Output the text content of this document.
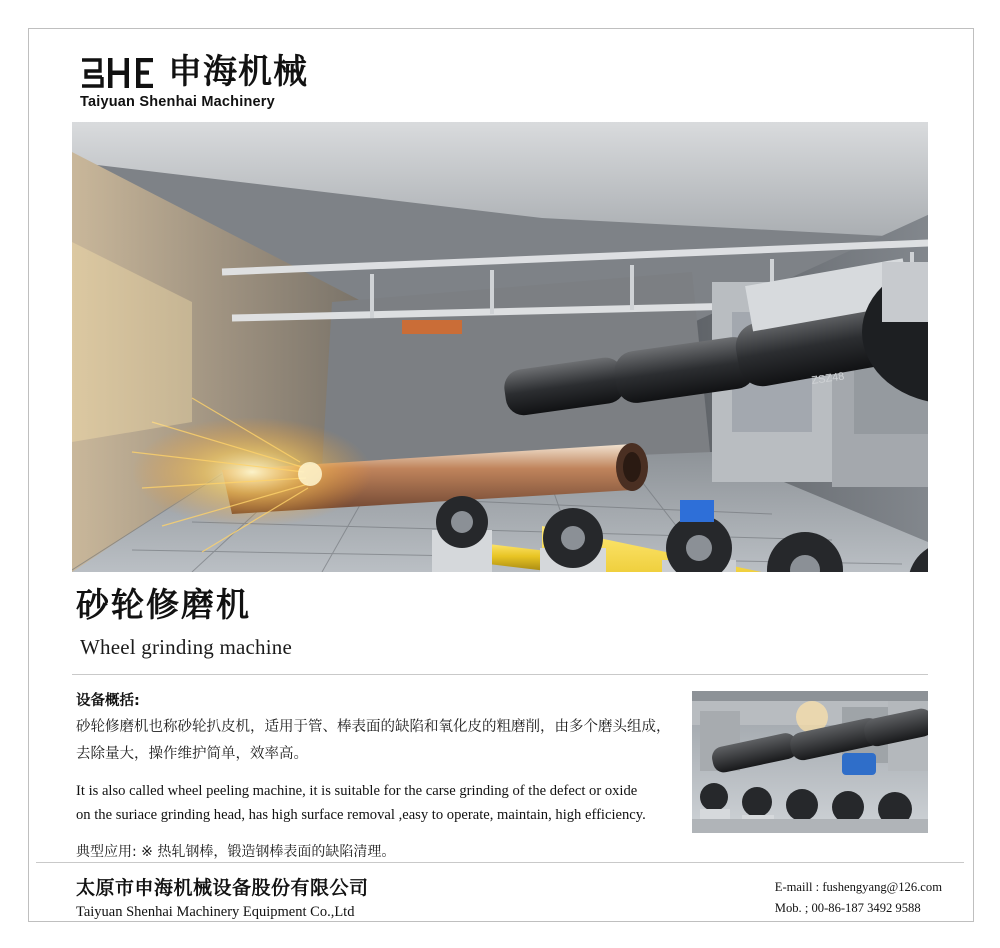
申海机械
Taiyuan Shenhai Machinery
ZSZ48
砂轮修磨机
Wheel grinding machine
设备概括:
砂轮修磨机也称砂轮扒皮机，适用于管、棒表面的缺陷和氧化皮的粗磨削，由多个磨头组成，
去除量大，操作维护简单，效率高。
It is also called wheel peeling machine, it is suitable for the carse grinding of the defect or oxide
on the suriace grinding head, has high surface removal ,easy to operate, maintain, high efficiency.
典型应用: ※ 热轧钢棒，锻造钢棒表面的缺陷清理。
太原市申海机械设备股份有限公司
Taiyuan Shenhai Machinery Equipment Co.,Ltd
E-maill : fushengyang@126.com
Mob. ; 00-86-187 3492 9588
